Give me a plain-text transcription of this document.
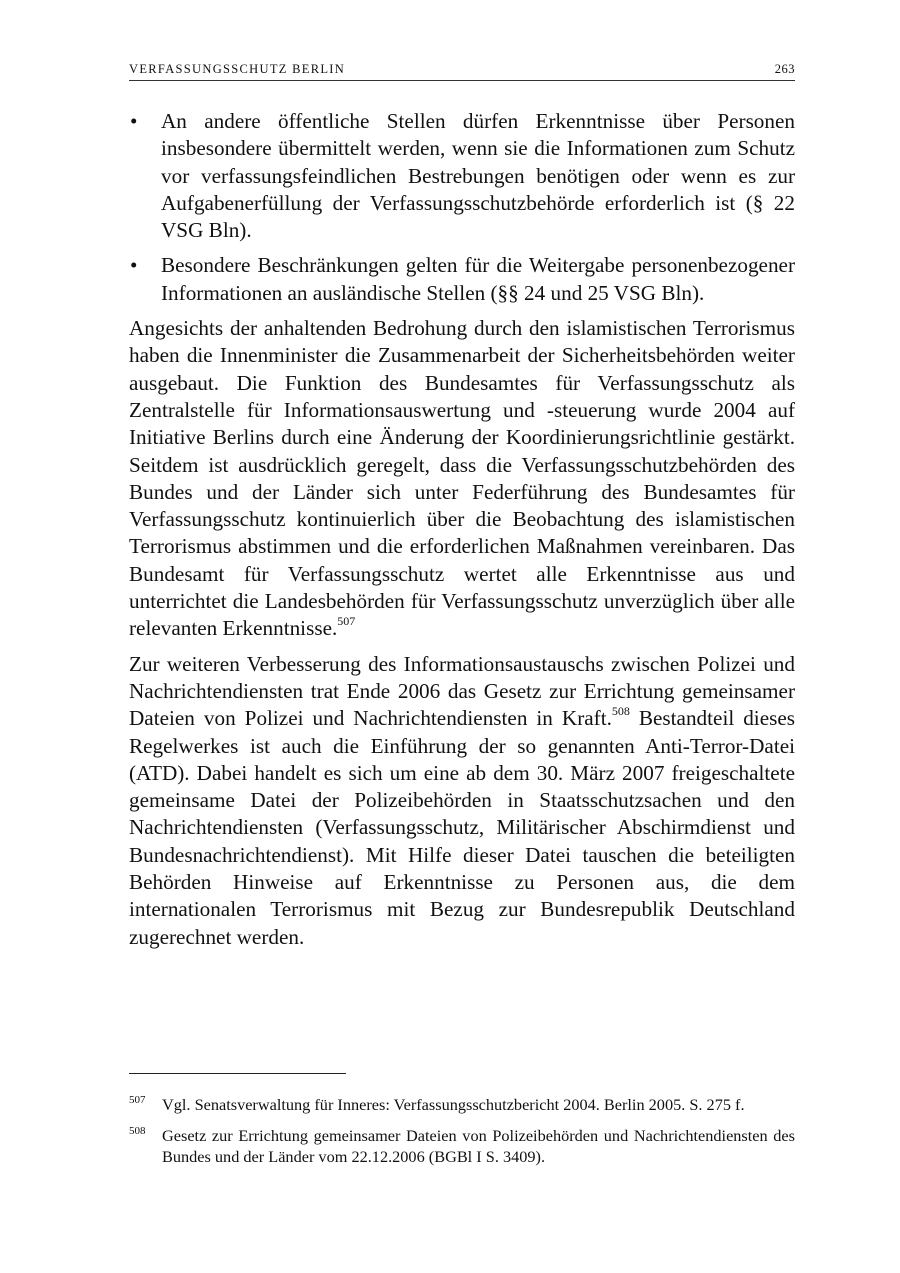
VERFASSUNGSSCHUTZ BERLIN	263
•	An andere öffentliche Stellen dürfen Erkenntnisse über Personen insbesondere übermittelt werden, wenn sie die Informationen zum Schutz vor verfassungsfeindlichen Bestrebungen benötigen oder wenn es zur Aufgabenerfüllung der Verfassungsschutzbehörde erforderlich ist (§ 22 VSG Bln).
•	Besondere Beschränkungen gelten für die Weitergabe personenbezogener Informationen an ausländische Stellen (§§ 24 und 25 VSG Bln).

Angesichts der anhaltenden Bedrohung durch den islamistischen Terrorismus haben die Innenminister die Zusammenarbeit der Sicherheitsbehörden weiter ausgebaut. Die Funktion des Bundesamtes für Verfassungsschutz als Zentralstelle für Informationsauswertung und -steuerung wurde 2004 auf Initiative Berlins durch eine Änderung der Koordinierungsrichtlinie gestärkt. Seitdem ist ausdrücklich geregelt, dass die Verfassungsschutzbehörden des Bundes und der Länder sich unter Federführung des Bundesamtes für Verfassungsschutz kontinuierlich über die Beobachtung des islamistischen Terrorismus abstimmen und die erforderlichen Maßnahmen vereinbaren. Das Bundesamt für Verfassungsschutz wertet alle Erkenntnisse aus und unterrichtet die Landesbehörden für Verfassungsschutz unverzüglich über alle relevanten Erkenntnisse.$^{507}$

Zur weiteren Verbesserung des Informationsaustauschs zwischen Polizei und Nachrichtendiensten trat Ende 2006 das Gesetz zur Errichtung gemeinsamer Dateien von Polizei und Nachrichtendiensten in Kraft.$^{508}$ Bestandteil dieses Regelwerkes ist auch die Einführung der so genannten Anti-Terror-Datei (ATD). Dabei handelt es sich um eine ab dem 30. März 2007 freigeschaltete gemeinsame Datei der Polizeibehörden in Staatsschutzsachen und den Nachrichtendiensten (Verfassungsschutz, Militärischer Abschirmdienst und Bundesnachrichtendienst). Mit Hilfe dieser Datei tauschen die beteiligten Behörden Hinweise auf Erkenntnisse zu Personen aus, die dem internationalen Terrorismus mit Bezug zur Bundesrepublik Deutschland zugerechnet werden.

507 Vgl. Senatsverwaltung für Inneres: Verfassungsschutzbericht 2004. Berlin 2005. S. 275 f.
508 Gesetz zur Errichtung gemeinsamer Dateien von Polizeibehörden und Nachrichtendiensten des Bundes und der Länder vom 22.12.2006 (BGBl I S. 3409).
